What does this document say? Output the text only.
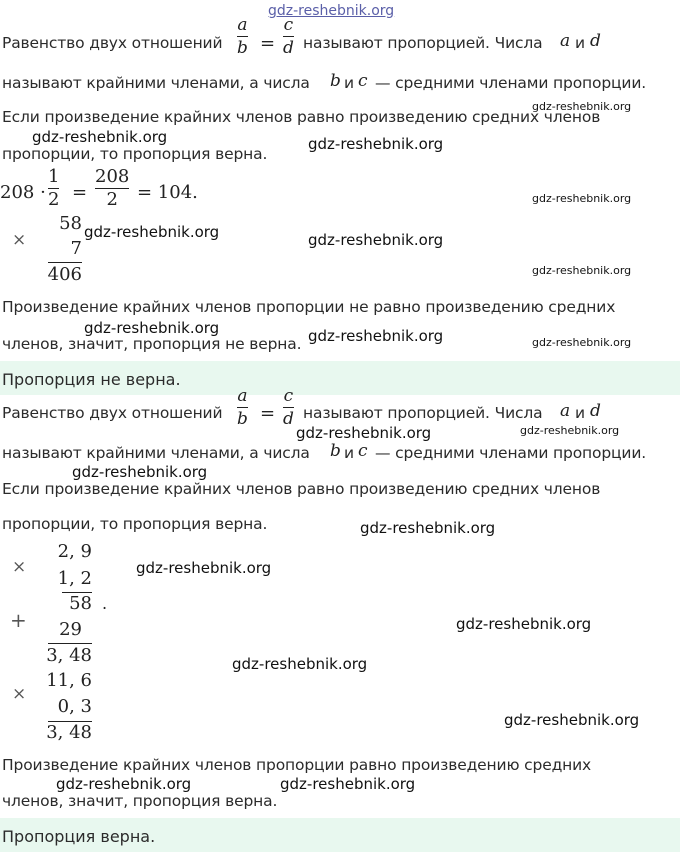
gdz-reshebnik.org
Равенство двух отношений
a
b =
c
d называют пропорцией. Числа a и d
называют крайними членами, а числа b и c — средними членами пропорции.
Если произведение крайних членов равно произведению средних членов
пропорции, то пропорция верна.
208 ·
1
2 =
208
2 = 104.
×
58
7
406
Произведение крайних членов пропорции не равно произведению средних
членов, значит, пропорция не верна.
Пропорция не верна.
Равенство двух отношений
a
b =
c
d называют пропорцией. Числа a и d
называют крайними членами, а числа b и c — средними членами пропорции.
Если произведение крайних членов равно произведению средних членов
пропорции, то пропорция верна.
×
2, 9
1, 2
58 .
+	29
3, 48
×
11, 6
0, 3
3, 48
Произведение крайних членов пропорции равно произведению средних
членов, значит, пропорция верна.
Пропорция верна.
gdz-reshebnik.org
gdz-reshebnik.org	gdz-reshebnik.org
gdz-reshebnik.org
gdz-reshebnik.org	gdz-reshebnik.org
gdz-reshebnik.org
gdz-reshebnik.org	gdz-reshebnik.org	gdz-reshebnik.org
gdz-reshebnik.org	gdz-reshebnik.org
gdz-reshebnik.org
gdz-reshebnik.org
gdz-reshebnik.org
gdz-reshebnik.org
gdz-reshebnik.org
gdz-reshebnik.org
gdz-reshebnik.org	gdz-reshebnik.org
